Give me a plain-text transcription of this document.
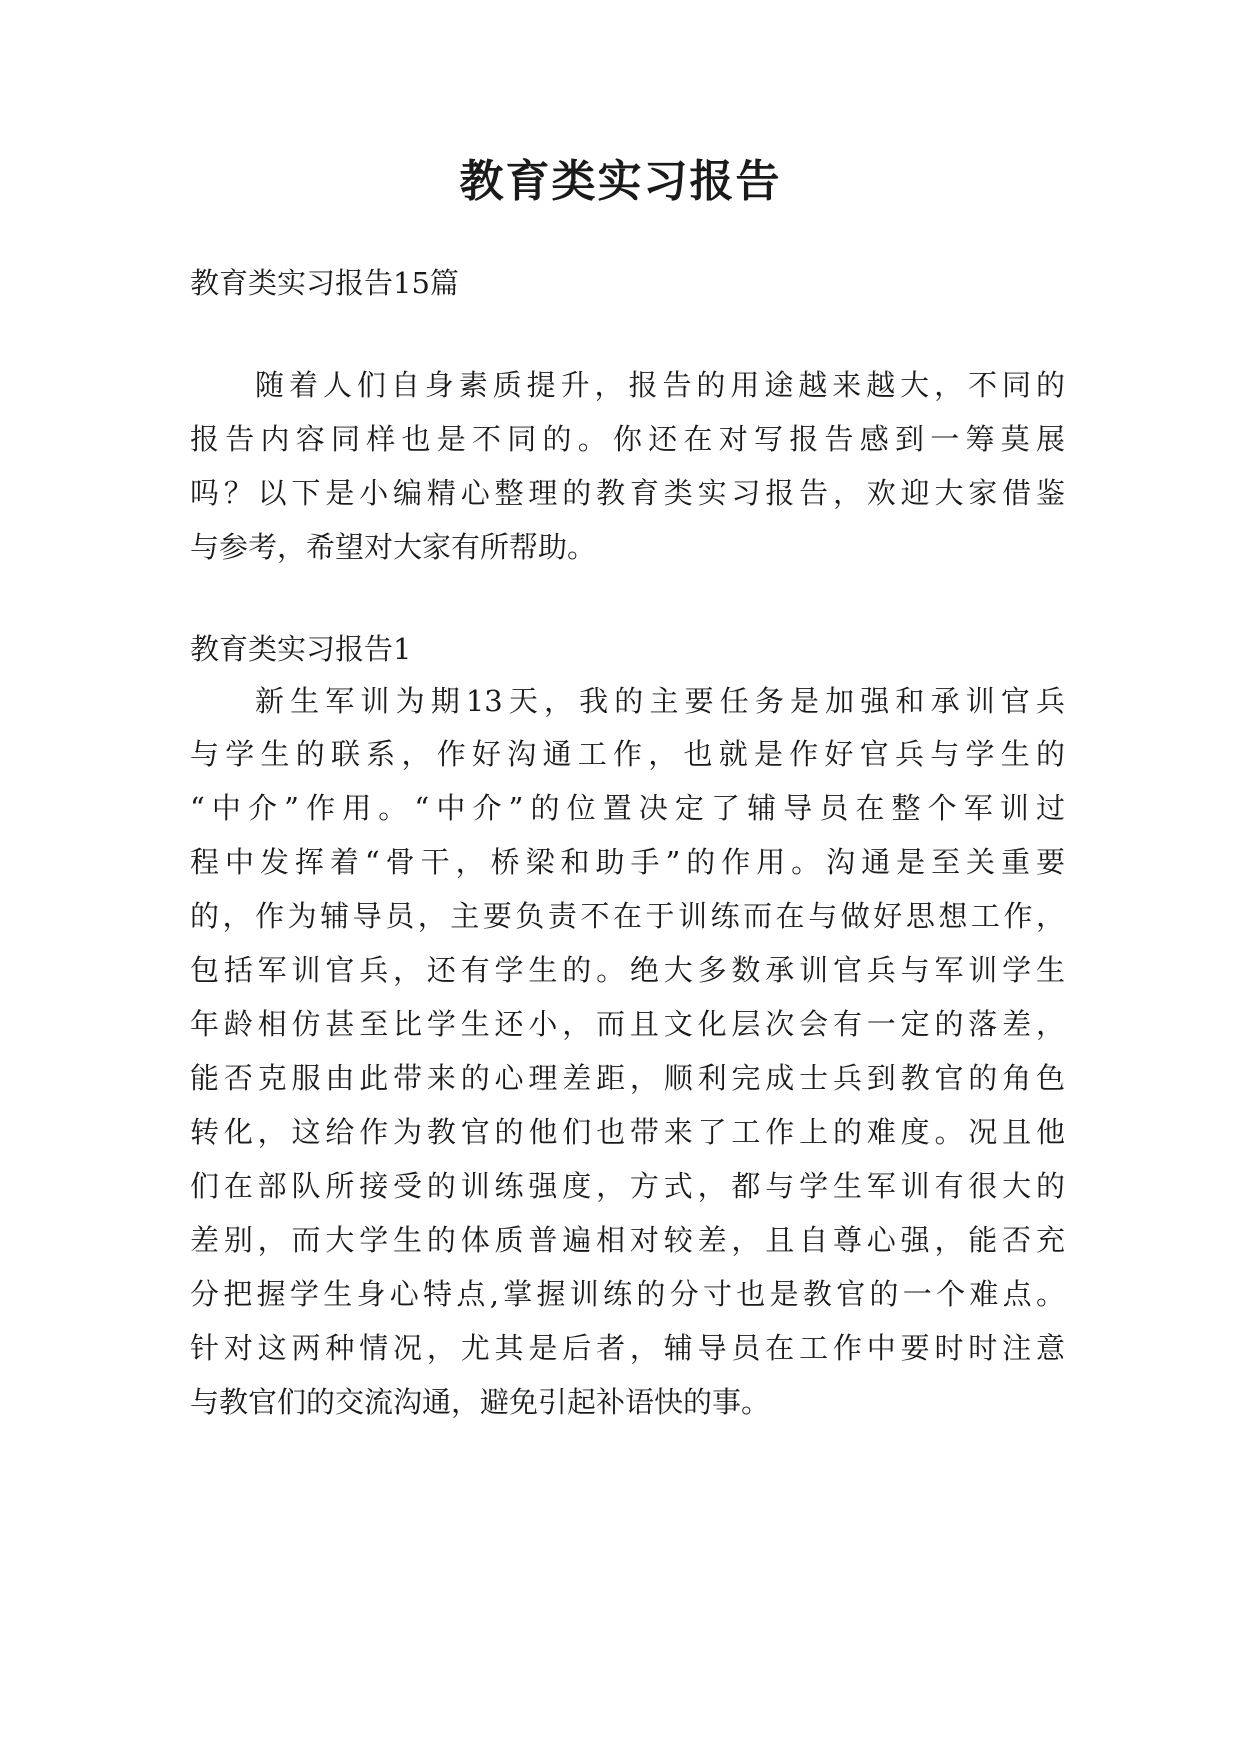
教育类实习报告

教育类实习报告15篇

随着人们自身素质提升，报告的用途越来越大，不同的

报告内容同样也是不同的。你还在对写报告感到一筹莫展

吗？以下是小编精心整理的教育类实习报告，欢迎大家借鉴

与参考，希望对大家有所帮助。

教育类实习报告1

新生军训为期13天，我的主要任务是加强和承训官兵

与学生的联系，作好沟通工作，也就是作好官兵与学生的

“中介”作用。“中介”的位置决定了辅导员在整个军训过

程中发挥着“骨干，桥梁和助手”的作用。沟通是至关重要

的，作为辅导员，主要负责不在于训练而在与做好思想工作，

包括军训官兵，还有学生的。绝大多数承训官兵与军训学生

年龄相仿甚至比学生还小，而且文化层次会有一定的落差，

能否克服由此带来的心理差距，顺利完成士兵到教官的角色

转化，这给作为教官的他们也带来了工作上的难度。况且他

们在部队所接受的训练强度，方式，都与学生军训有很大的

差别，而大学生的体质普遍相对较差，且自尊心强，能否充

分把握学生身心特点,掌握训练的分寸也是教官的一个难点。

针对这两种情况，尤其是后者，辅导员在工作中要时时注意

与教官们的交流沟通，避免引起补语快的事。
